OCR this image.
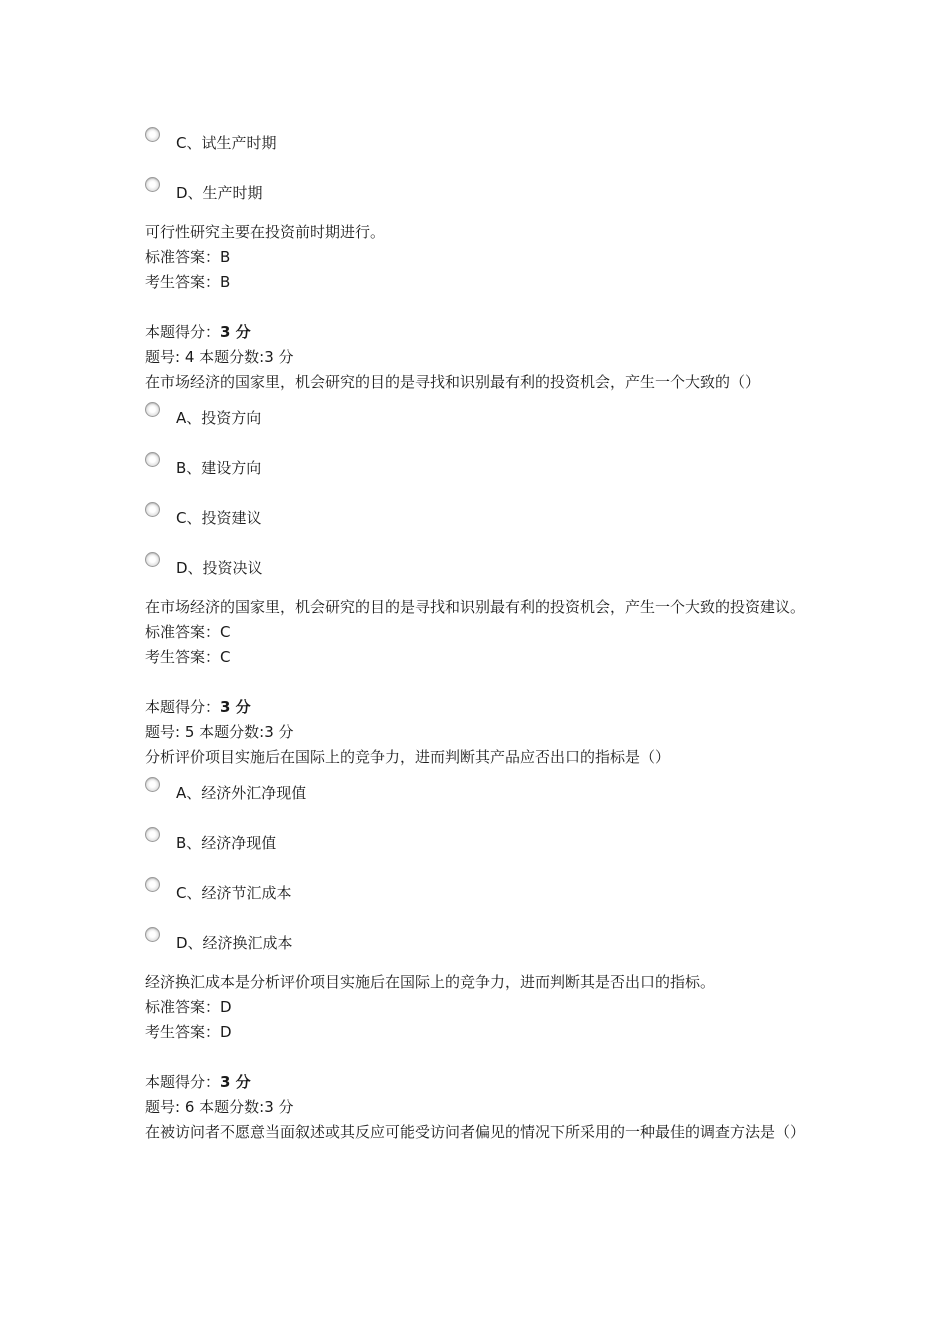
C、试生产时期
D、生产时期
可行性研究主要在投资前时期进行。
标准答案：B
考生答案：B
本题得分：3 分
题号: 4 本题分数:3 分
在市场经济的国家里，机会研究的目的是寻找和识别最有利的投资机会，产生一个大致的（）
A、投资方向
B、建设方向
C、投资建议
D、投资决议
在市场经济的国家里，机会研究的目的是寻找和识别最有利的投资机会，产生一个大致的投资建议。
标准答案：C
考生答案：C
本题得分：3 分
题号: 5 本题分数:3 分
分析评价项目实施后在国际上的竞争力，进而判断其产品应否出口的指标是（）
A、经济外汇净现值
B、经济净现值
C、经济节汇成本
D、经济换汇成本
经济换汇成本是分析评价项目实施后在国际上的竞争力，进而判断其是否出口的指标。
标准答案：D
考生答案：D
本题得分：3 分
题号: 6 本题分数:3 分
在被访问者不愿意当面叙述或其反应可能受访问者偏见的情况下所采用的一种最佳的调查方法是（）
